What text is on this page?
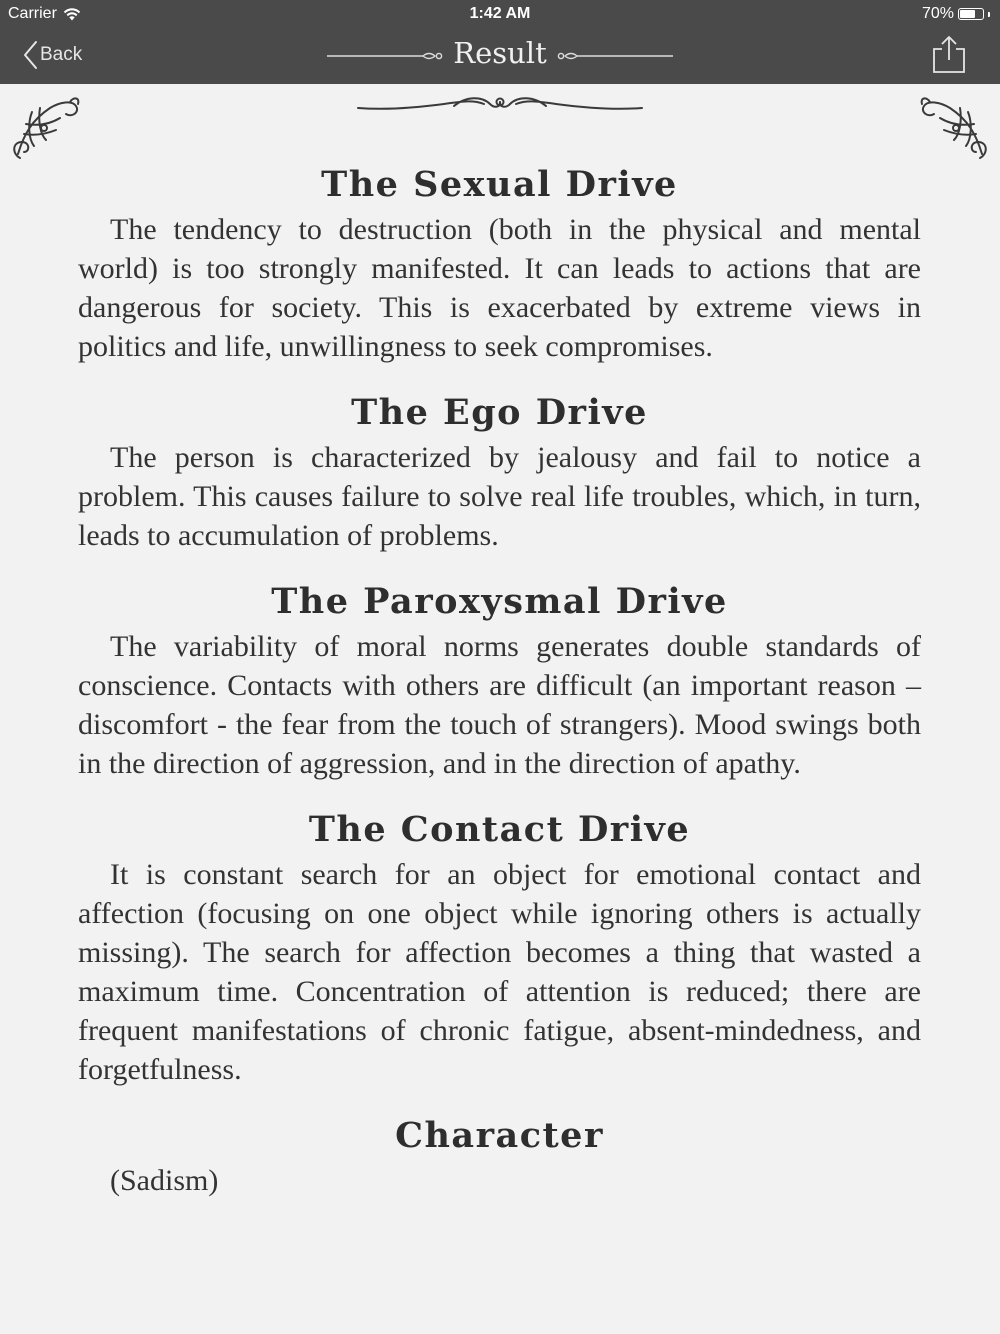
Carrier	1:42 AM	70%
Back	Result
The Sexual Drive

The tendency to destruction (both in the physical and mental world) is too strongly manifested. It can leads to actions that are dangerous for society. This is exacerbated by extreme views in politics and life, unwillingness to seek compromises.

The Ego Drive

The person is characterized by jealousy and fail to notice a problem. This causes failure to solve real life troubles, which, in turn, leads to accumulation of problems.

The Paroxysmal Drive

The variability of moral norms generates double standards of conscience. Contacts with others are difficult (an important reason – discomfort - the fear from the touch of strangers). Mood swings both in the direction of aggression, and in the direction of apathy.

The Contact Drive

It is constant search for an object for emotional contact and affection (focusing on one object while ignoring others is actually missing). The search for affection becomes a thing that wasted a maximum time. Concentration of attention is reduced; there are frequent manifestations of chronic fatigue, absent-mindedness, and forgetfulness.

Character

(Sadism)
